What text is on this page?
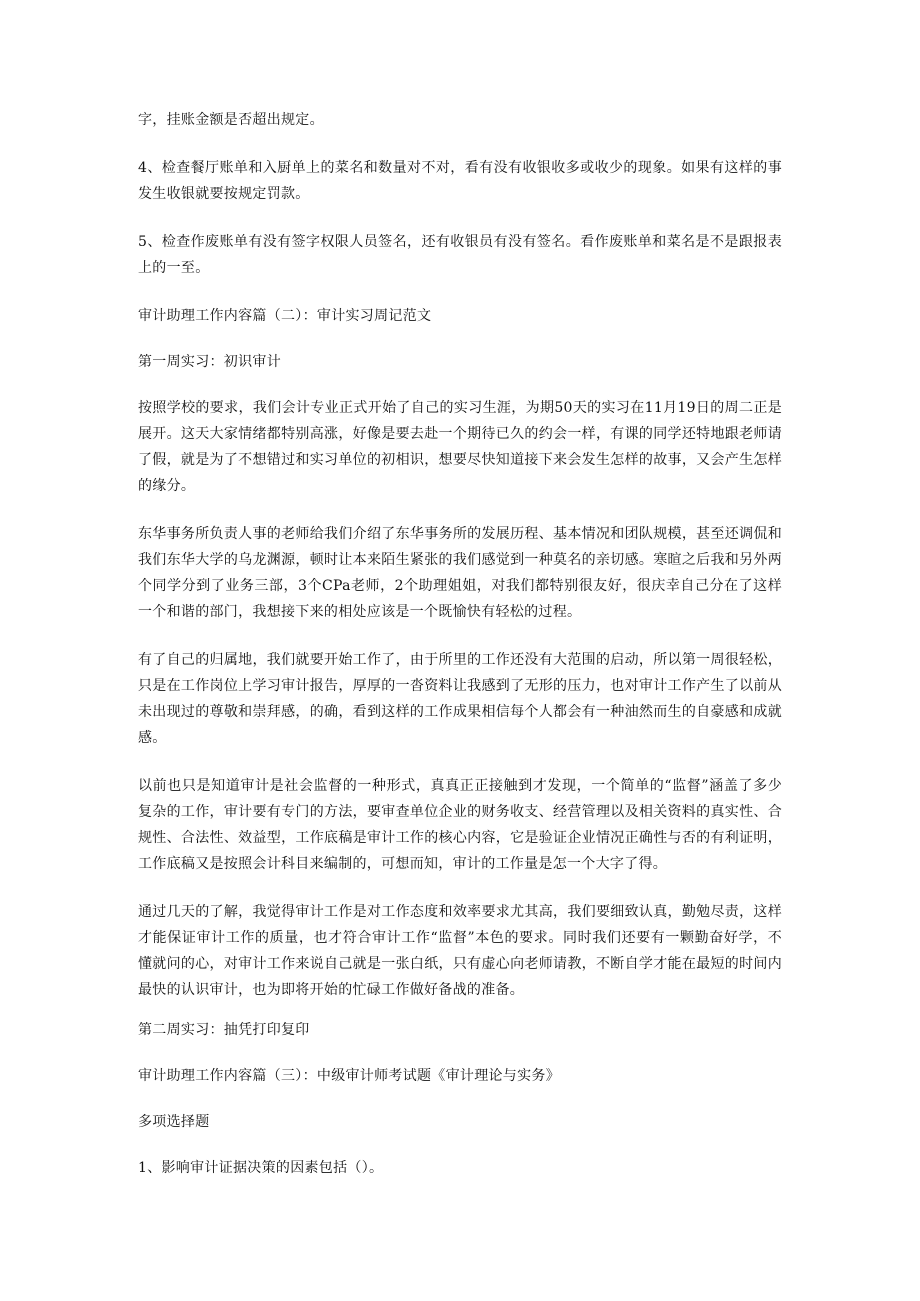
字，挂账金额是否超出规定。

4、检查餐厅账单和入厨单上的菜名和数量对不对，看有没有收银收多或收少的现象。如果有这样的事发生收银就要按规定罚款。

5、检查作废账单有没有签字权限人员签名，还有收银员有没有签名。看作废账单和菜名是不是跟报表上的一至。

审计助理工作内容篇（二）：审计实习周记范文

第一周实习：初识审计

按照学校的要求，我们会计专业正式开始了自己的实习生涯，为期50天的实习在11月19日的周二正是展开。这天大家情绪都特别高涨，好像是要去赴一个期待已久的约会一样，有课的同学还特地跟老师请了假，就是为了不想错过和实习单位的初相识，想要尽快知道接下来会发生怎样的故事，又会产生怎样的缘分。

东华事务所负责人事的老师给我们介绍了东华事务所的发展历程、基本情况和团队规模，甚至还调侃和我们东华大学的乌龙渊源，顿时让本来陌生紧张的我们感觉到一种莫名的亲切感。寒暄之后我和另外两个同学分到了业务三部，3个CPa老师，2个助理姐姐，对我们都特别很友好，很庆幸自己分在了这样一个和谐的部门，我想接下来的相处应该是一个既愉快有轻松的过程。

有了自己的归属地，我们就要开始工作了，由于所里的工作还没有大范围的启动，所以第一周很轻松，只是在工作岗位上学习审计报告，厚厚的一沓资料让我感到了无形的压力，也对审计工作产生了以前从未出现过的尊敬和崇拜感，的确，看到这样的工作成果相信每个人都会有一种油然而生的自豪感和成就感。

以前也只是知道审计是社会监督的一种形式，真真正正接触到才发现，一个简单的“监督”涵盖了多少复杂的工作，审计要有专门的方法，要审查单位企业的财务收支、经营管理以及相关资料的真实性、合规性、合法性、效益型，工作底稿是审计工作的核心内容，它是验证企业情况正确性与否的有利证明，工作底稿又是按照会计科目来编制的，可想而知，审计的工作量是怎一个大字了得。

通过几天的了解，我觉得审计工作是对工作态度和效率要求尤其高，我们要细致认真，勤勉尽责，这样才能保证审计工作的质量，也才符合审计工作“监督”本色的要求。同时我们还要有一颗勤奋好学，不懂就问的心，对审计工作来说自己就是一张白纸，只有虚心向老师请教，不断自学才能在最短的时间内最快的认识审计，也为即将开始的忙碌工作做好备战的准备。

第二周实习：抽凭打印复印

审计助理工作内容篇（三）：中级审计师考试题《审计理论与实务》

多项选择题

1、影响审计证据决策的因素包括（）。
